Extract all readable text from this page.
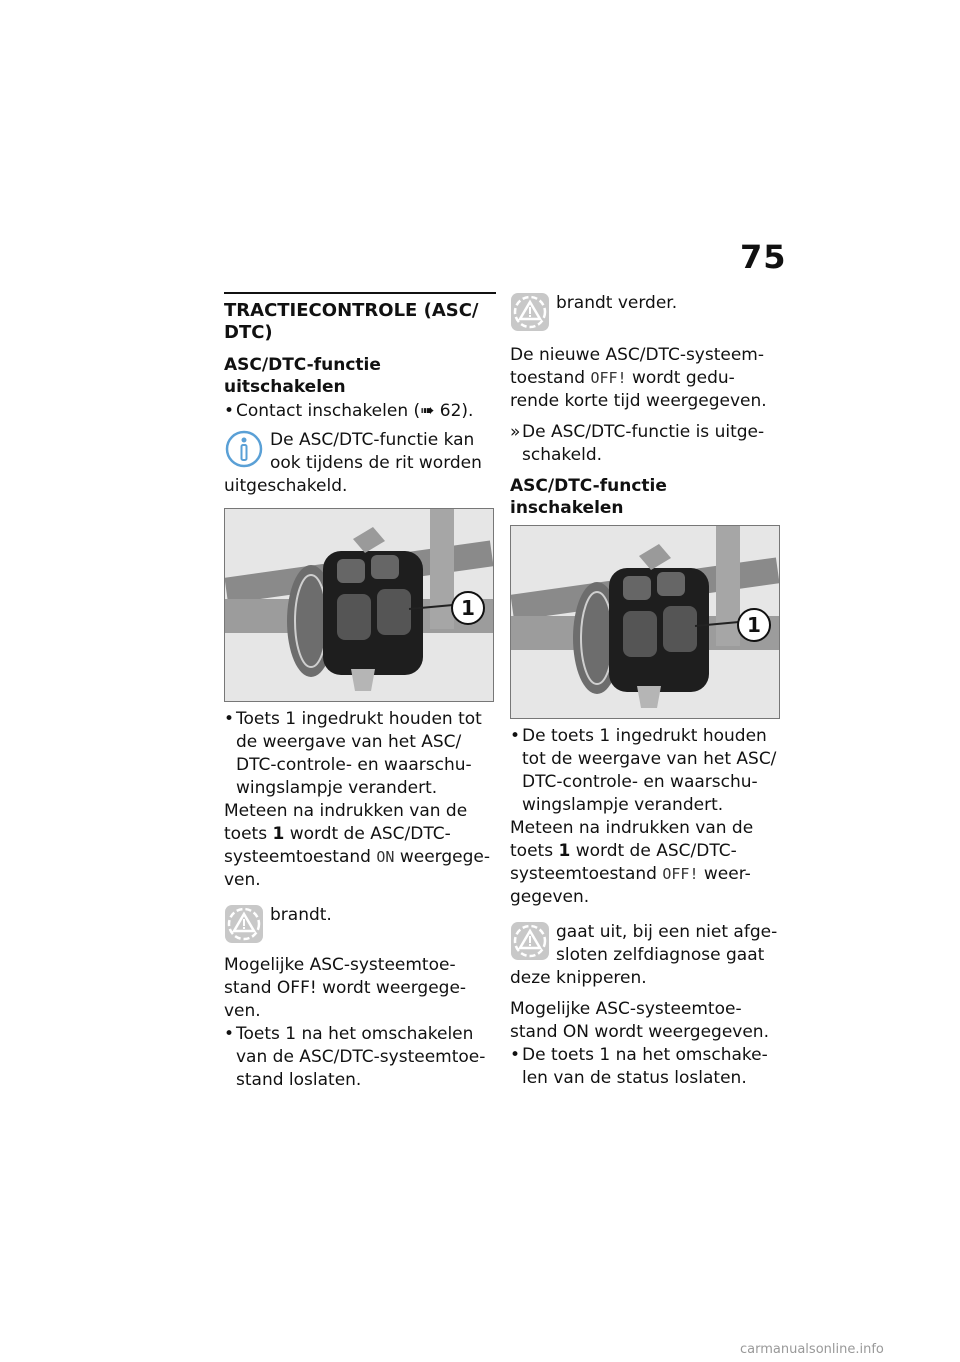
75
TRACTIECONTROLE (ASC/ DTC)
ASC/DTC-functie uitschakelen

• Contact inschakelen (➠ 62).

De ASC/DTC-functie kan ook tijdens de rit worden uitgeschakeld.
1

• Toets 1 ingedrukt houden tot de weergave van het ASC/ DTC-controle- en waarschu- wingslampje verandert.

Meteen na indrukken van de toets 1 wordt de ASC/DTC- systeemtoestand ON weergege- ven.

brandt.

Mogelijke ASC-systeemtoe- stand OFF! wordt weergege- ven.

• Toets 1 na het omschakelen van de ASC/DTC-systeemtoe- stand loslaten.

brandt verder.

De nieuwe ASC/DTC-systeem- toestand OFF! wordt gedu- rende korte tijd weergegeven.

» De ASC/DTC-functie is uitge- schakeld.

ASC/DTC-functie inschakelen
1

• De toets 1 ingedrukt houden tot de weergave van het ASC/ DTC-controle- en waarschu- wingslampje verandert.

Meteen na indrukken van de toets 1 wordt de ASC/DTC- systeemtoestand OFF! weer- gegeven.

gaat uit, bij een niet afge- sloten zelfdiagnose gaat deze knipperen.

Mogelijke ASC-systeemtoe- stand ON wordt weergegeven.

• De toets 1 na het omschake- len van de status loslaten.

carmanualsonline.info
